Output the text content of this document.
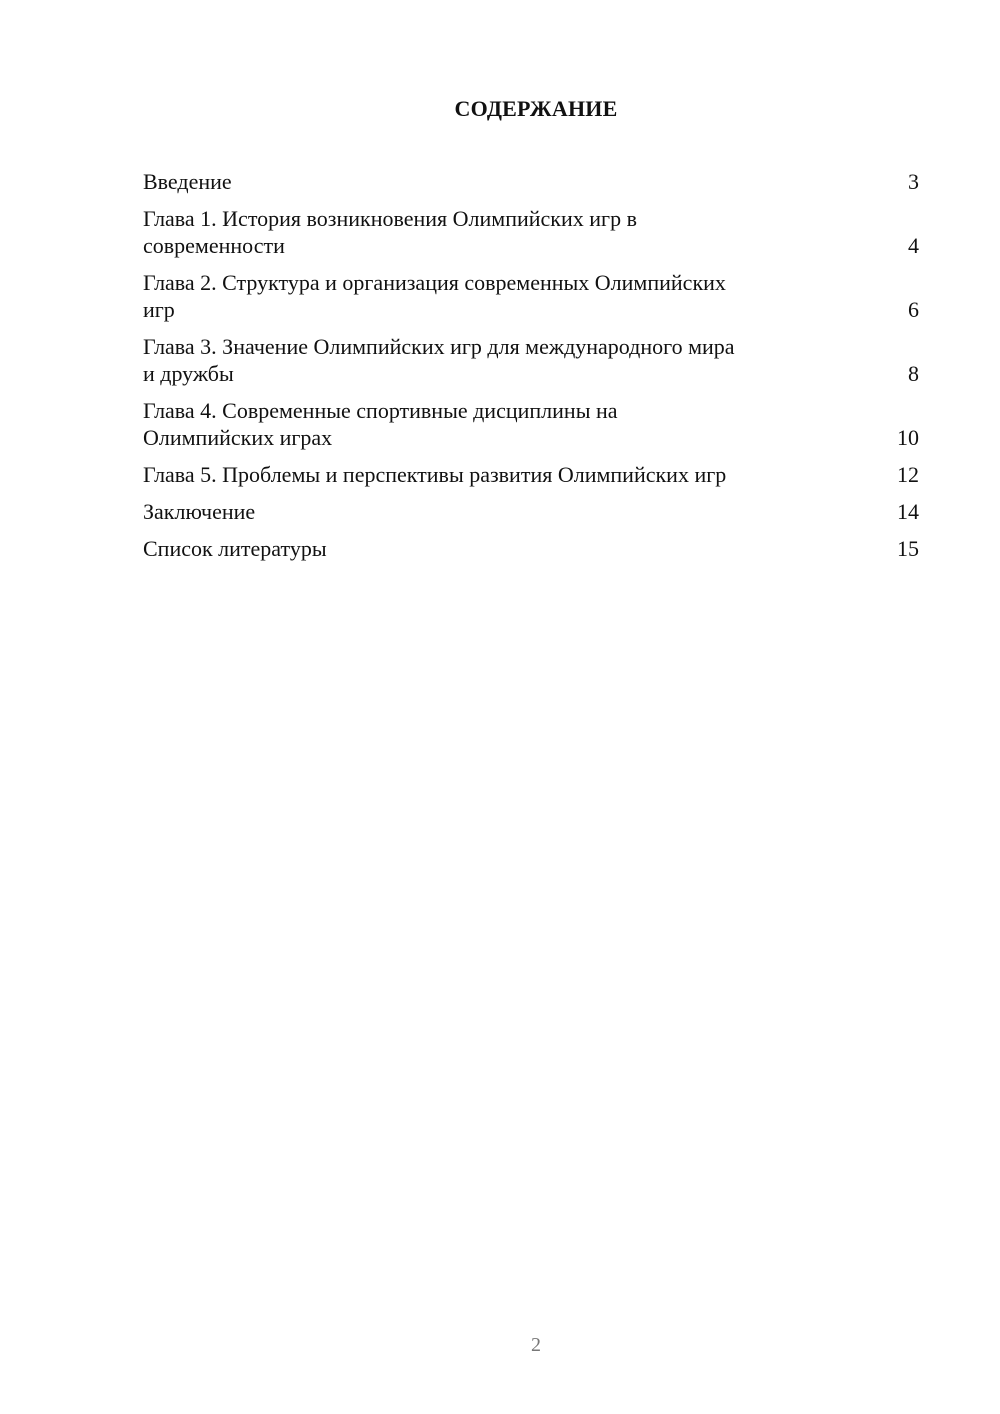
СОДЕРЖАНИЕ
Введение	3
Глава 1. История возникновения Олимпийских игр в
современности	4
Глава 2. Структура и организация современных Олимпийских
игр	6
Глава 3. Значение Олимпийских игр для международного мира
и дружбы	8
Глава 4. Современные спортивные дисциплины на
Олимпийских играх	10
Глава 5. Проблемы и перспективы развития Олимпийских игр	12
Заключение	14
Список литературы	15
2
